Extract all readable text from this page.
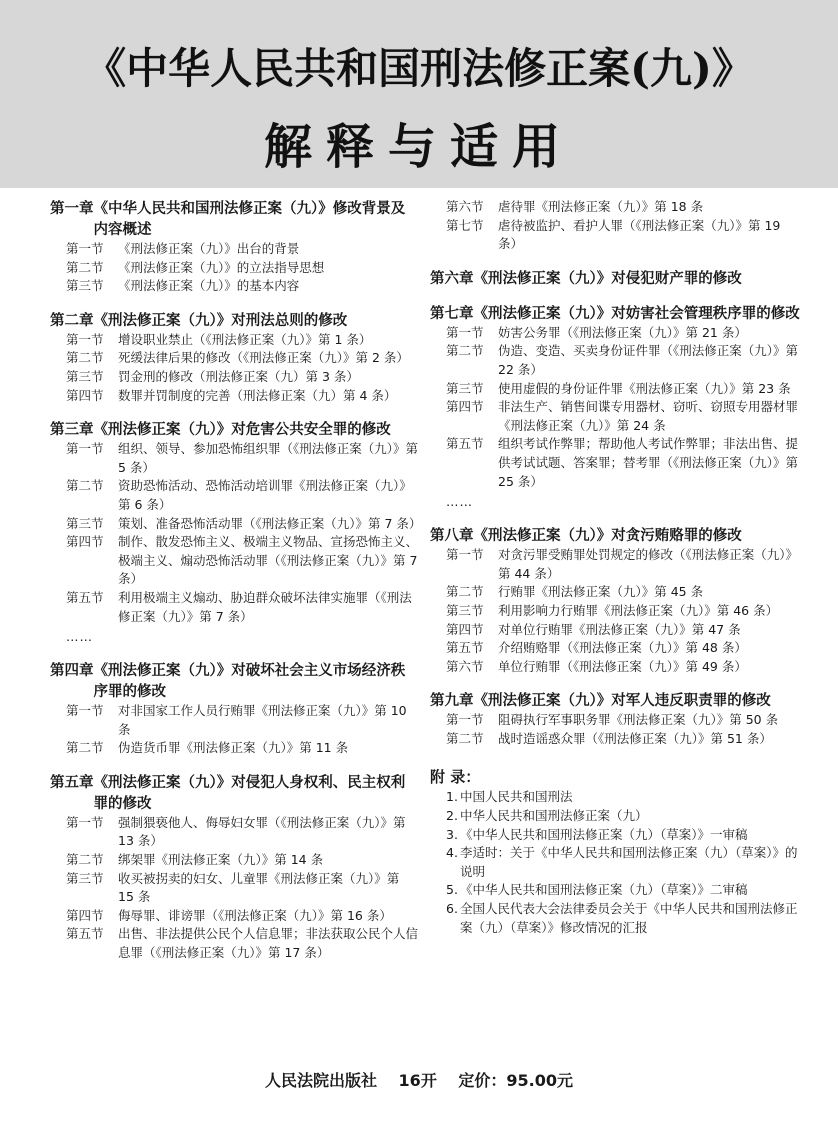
《中华人民共和国刑法修正案(九)》
解释与适用
第一章 《中华人民共和国刑法修正案（九）》修改背景及内容概述
第一节	《刑法修正案（九）》出台的背景
第二节	《刑法修正案（九）》的立法指导思想
第三节	《刑法修正案（九）》的基本内容
第二章 《刑法修正案（九）》对刑法总则的修改
第一节	增设职业禁止（《刑法修正案（九）》第 1 条）
第二节	死缓法律后果的修改（《刑法修正案（九）》第 2 条）
第三节	罚金刑的修改（刑法修正案（九）第 3 条）
第四节	数罪并罚制度的完善（刑法修正案（九）第 4 条）
第三章 《刑法修正案（九）》对危害公共安全罪的修改
第一节	组织、领导、参加恐怖组织罪（《刑法修正案（九）》第 5 条）
第二节	资助恐怖活动、恐怖活动培训罪《刑法修正案（九）》第 6 条）
第三节	策划、准备恐怖活动罪（《刑法修正案（九）》第 7 条）
第四节	制作、散发恐怖主义、极端主义物品、宣扬恐怖主义、极端主义、煽动恐怖活动罪（《刑法修正案（九）》第 7 条）
第五节	利用极端主义煽动、胁迫群众破坏法律实施罪（《刑法修正案（九）》第 7 条）
……
第四章 《刑法修正案（九）》对破坏社会主义市场经济秩序罪的修改
第一节	对非国家工作人员行贿罪《刑法修正案（九）》第 10 条
第二节	伪造货币罪《刑法修正案（九）》第 11 条
第五章 《刑法修正案（九）》对侵犯人身权利、民主权利罪的修改
第一节	强制猥亵他人、侮辱妇女罪（《刑法修正案（九）》第 13 条）
第二节	绑架罪《刑法修正案（九）》第 14 条
第三节	收买被拐卖的妇女、儿童罪《刑法修正案（九）》第 15 条
第四节	侮辱罪、诽谤罪（《刑法修正案（九）》第 16 条）
第五节	出售、非法提供公民个人信息罪；非法获取公民个人信息罪（《刑法修正案（九）》第 17 条）
第六节	虐待罪《刑法修正案（九）》第 18 条
第七节	虐待被监护、看护人罪（《刑法修正案（九）》第 19 条）
第六章 《刑法修正案（九）》对侵犯财产罪的修改
第七章 《刑法修正案（九）》对妨害社会管理秩序罪的修改
第一节	妨害公务罪（《刑法修正案（九）》第 21 条）
第二节	伪造、变造、买卖身份证件罪（《刑法修正案（九）》第 22 条）
第三节	使用虚假的身份证件罪《刑法修正案（九）》第 23 条
第四节	非法生产、销售间谍专用器材、窃听、窃照专用器材罪《刑法修正案（九）》第 24 条
第五节	组织考试作弊罪；帮助他人考试作弊罪；非法出售、提供考试试题、答案罪；替考罪（《刑法修正案（九）》第 25 条）
……
第八章 《刑法修正案（九）》对贪污贿赂罪的修改
第一节	对贪污罪受贿罪处罚规定的修改（《刑法修正案（九）》第 44 条）
第二节	行贿罪《刑法修正案（九）》第 45 条
第三节	利用影响力行贿罪《刑法修正案（九）》第 46 条）
第四节	对单位行贿罪《刑法修正案（九）》第 47 条
第五节	介绍贿赂罪（《刑法修正案（九）》第 48 条）
第六节	单位行贿罪（《刑法修正案（九）》第 49 条）
第九章 《刑法修正案（九）》对军人违反职责罪的修改
第一节	阻碍执行军事职务罪《刑法修正案（九）》第 50 条
第二节	战时造谣惑众罪（《刑法修正案（九）》第 51 条）
附 录：
1. 中国人民共和国刑法
2. 中华人民共和国刑法修正案（九）
3. 《中华人民共和国刑法修正案（九）（草案）》一审稿
4. 李适时：关于《中华人民共和国刑法修正案（九）（草案）》的说明
5. 《中华人民共和国刑法修正案（九）（草案）》二审稿
6. 全国人民代表大会法律委员会关于《中华人民共和国刑法修正案（九）（草案）》修改情况的汇报
人民法院出版社 16开 定价：95.00元
